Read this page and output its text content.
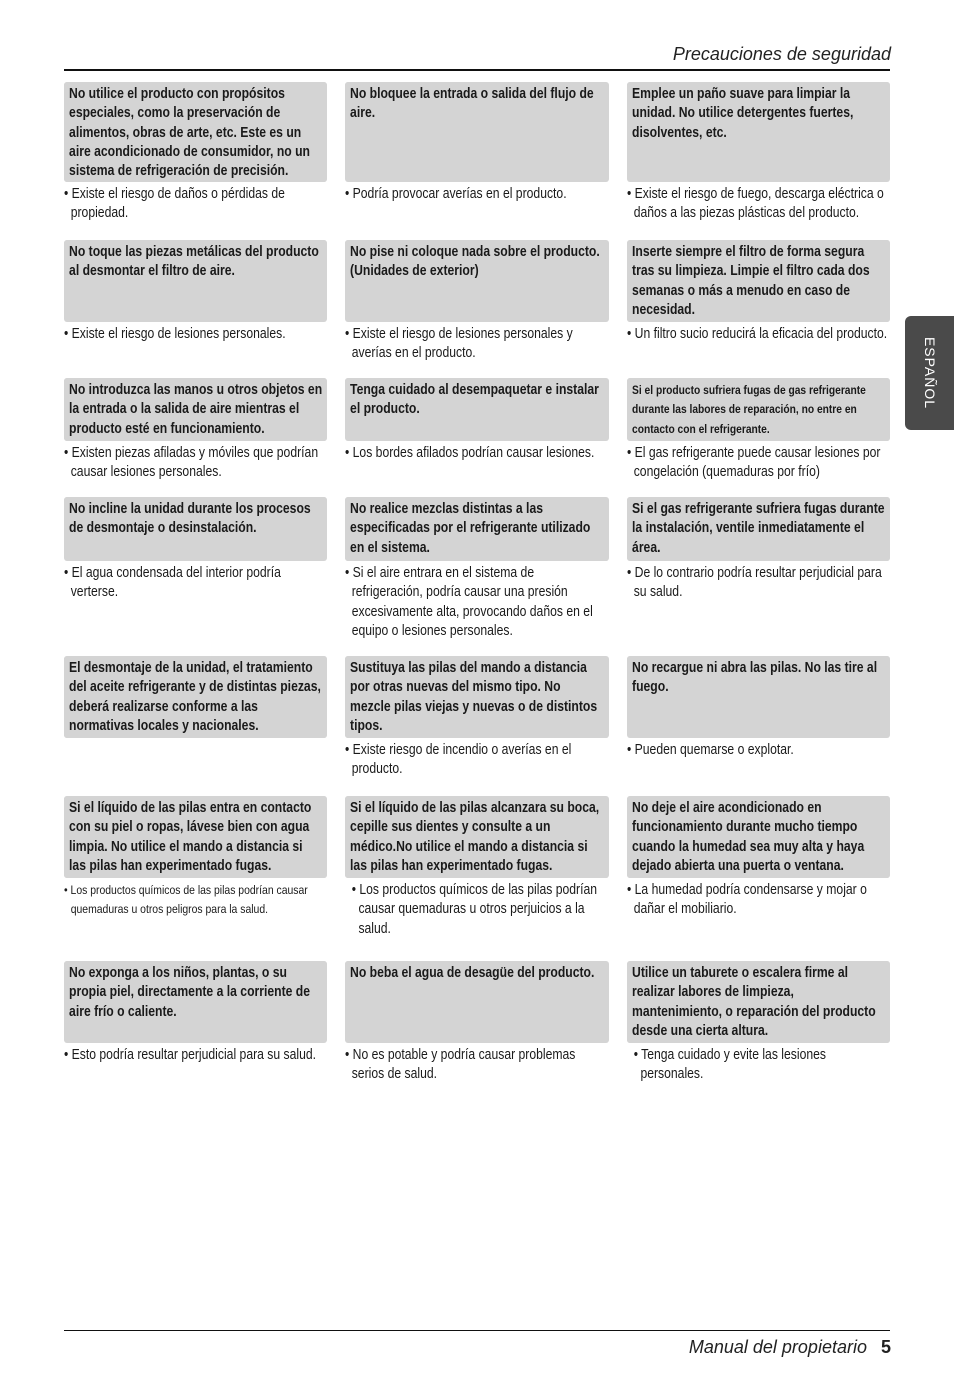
Precauciones de seguridad
ESPAÑOL
No utilice el producto con propósitos especiales, como la preservación de alimentos, obras de arte, etc. Este es un aire acondicionado de consumidor, no un sistema de refrigeración de precisión.
• Existe el riesgo de daños o pérdidas de propiedad.
No bloquee la entrada o salida del flujo de aire.
• Podría provocar averías en el producto.
Emplee un paño suave para limpiar la unidad. No utilice detergentes fuertes, disolventes, etc.
• Existe el riesgo de fuego, descarga eléctrica o daños a las piezas plásticas del producto.
No toque las piezas metálicas del producto al desmontar el filtro de aire.
• Existe el riesgo de lesiones personales.
No pise ni coloque nada sobre el producto. (Unidades de exterior)
• Existe el riesgo de lesiones personales y averías en el producto.
Inserte siempre el filtro de forma segura tras su limpieza. Limpie el filtro cada dos semanas o más a menudo en caso de necesidad.
• Un filtro sucio reducirá la eficacia del producto.
No introduzca las manos u otros objetos en la entrada o la salida de aire mientras el producto esté en funcionamiento.
• Existen piezas afiladas y móviles que podrían causar lesiones personales.
Tenga cuidado al desempaquetar e instalar el producto.
• Los bordes afilados podrían causar lesiones.
Si el producto sufriera fugas de gas refrigerante durante las labores de reparación, no entre en contacto con el refrigerante.
• El gas refrigerante puede causar lesiones por congelación (quemaduras por frío)
No incline la unidad durante los procesos de desmontaje o desinstalación.
• El agua condensada del interior podría verterse.
No realice mezclas distintas a las especificadas por el refrigerante utilizado en el sistema.
• Si el aire entrara en el sistema de refrigeración, podría causar una presión excesivamente alta, provocando daños en el equipo o lesiones personales.
Si el gas refrigerante sufriera fugas durante la instalación, ventile inmediatamente el área.
• De lo contrario podría resultar perjudicial para su salud.
El desmontaje de la unidad, el tratamiento del aceite refrigerante y de distintas piezas, deberá realizarse conforme a las normativas locales y nacionales.
Sustituya las pilas del mando a distancia por otras nuevas del mismo tipo. No mezcle pilas viejas y nuevas o de distintos tipos.
• Existe riesgo de incendio o averías en el producto.
No recargue ni abra las pilas. No las tire al fuego.
• Pueden quemarse o explotar.
Si el líquido de las pilas entra en contacto con su piel o ropas, lávese bien con agua limpia. No utilice el mando a distancia si las pilas han experimentado fugas.
• Los productos químicos de las pilas podrían causar quemaduras u otros peligros para la salud.
Si el líquido de las pilas alcanzara su boca, cepille sus dientes y consulte a un médico.No utilice el mando a distancia si las pilas han experimentado fugas.
• Los productos químicos de las pilas podrían causar quemaduras u otros perjuicios a la salud.
No deje el aire acondicionado en funcionamiento durante mucho tiempo cuando la humedad sea muy alta y haya dejado abierta una puerta o ventana.
• La humedad podría condensarse y mojar o dañar el mobiliario.
No exponga a los niños, plantas, o su propia piel, directamente a la corriente de aire frío o caliente.
• Esto podría resultar perjudicial para su salud.
No beba el agua de desagüe del producto.
• No es potable y podría causar problemas serios de salud.
Utilice un taburete o escalera firme al realizar labores de limpieza, mantenimiento, o reparación del producto desde una cierta altura.
• Tenga cuidado y evite las lesiones personales.
Manual del propietario 5
